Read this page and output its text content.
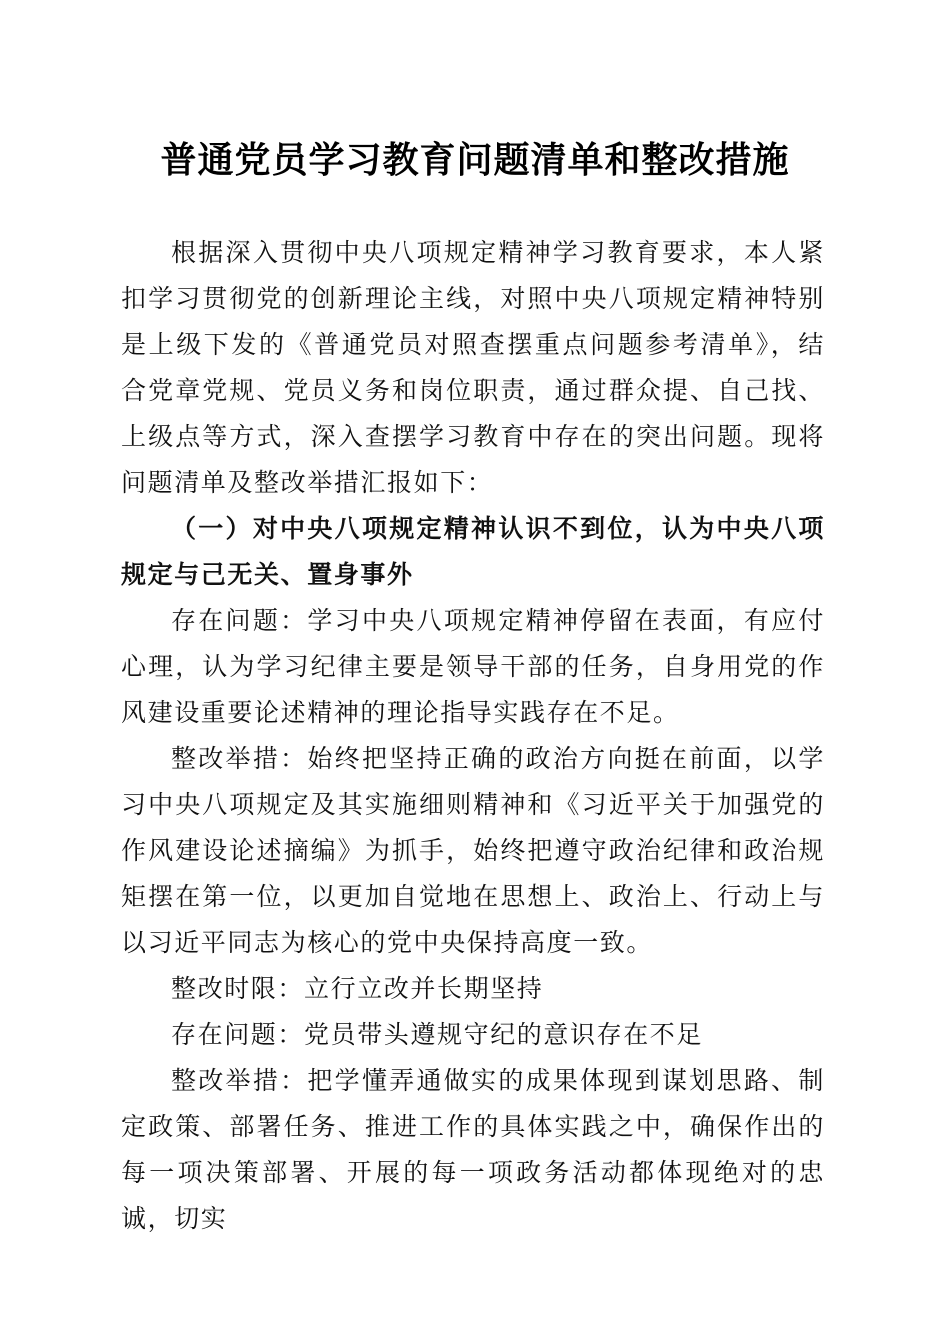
普通党员学习教育问题清单和整改措施

根据深入贯彻中央八项规定精神学习教育要求，本人紧扣学习贯彻党的创新理论主线，对照中央八项规定精神特别是上级下发的《普通党员对照查摆重点问题参考清单》，结合党章党规、党员义务和岗位职责，通过群众提、自己找、上级点等方式，深入查摆学习教育中存在的突出问题。现将问题清单及整改举措汇报如下：

（一）对中央八项规定精神认识不到位，认为中央八项规定与己无关、置身事外

存在问题：学习中央八项规定精神停留在表面，有应付心理，认为学习纪律主要是领导干部的任务，自身用党的作风建设重要论述精神的理论指导实践存在不足。

整改举措：始终把坚持正确的政治方向挺在前面，以学习中央八项规定及其实施细则精神和《习近平关于加强党的作风建设论述摘编》为抓手，始终把遵守政治纪律和政治规矩摆在第一位，以更加自觉地在思想上、政治上、行动上与以习近平同志为核心的党中央保持高度一致。

整改时限：立行立改并长期坚持

存在问题：党员带头遵规守纪的意识存在不足

整改举措：把学懂弄通做实的成果体现到谋划思路、制定政策、部署任务、推进工作的具体实践之中，确保作出的每一项决策部署、开展的每一项政务活动都体现绝对的忠诚，切实
